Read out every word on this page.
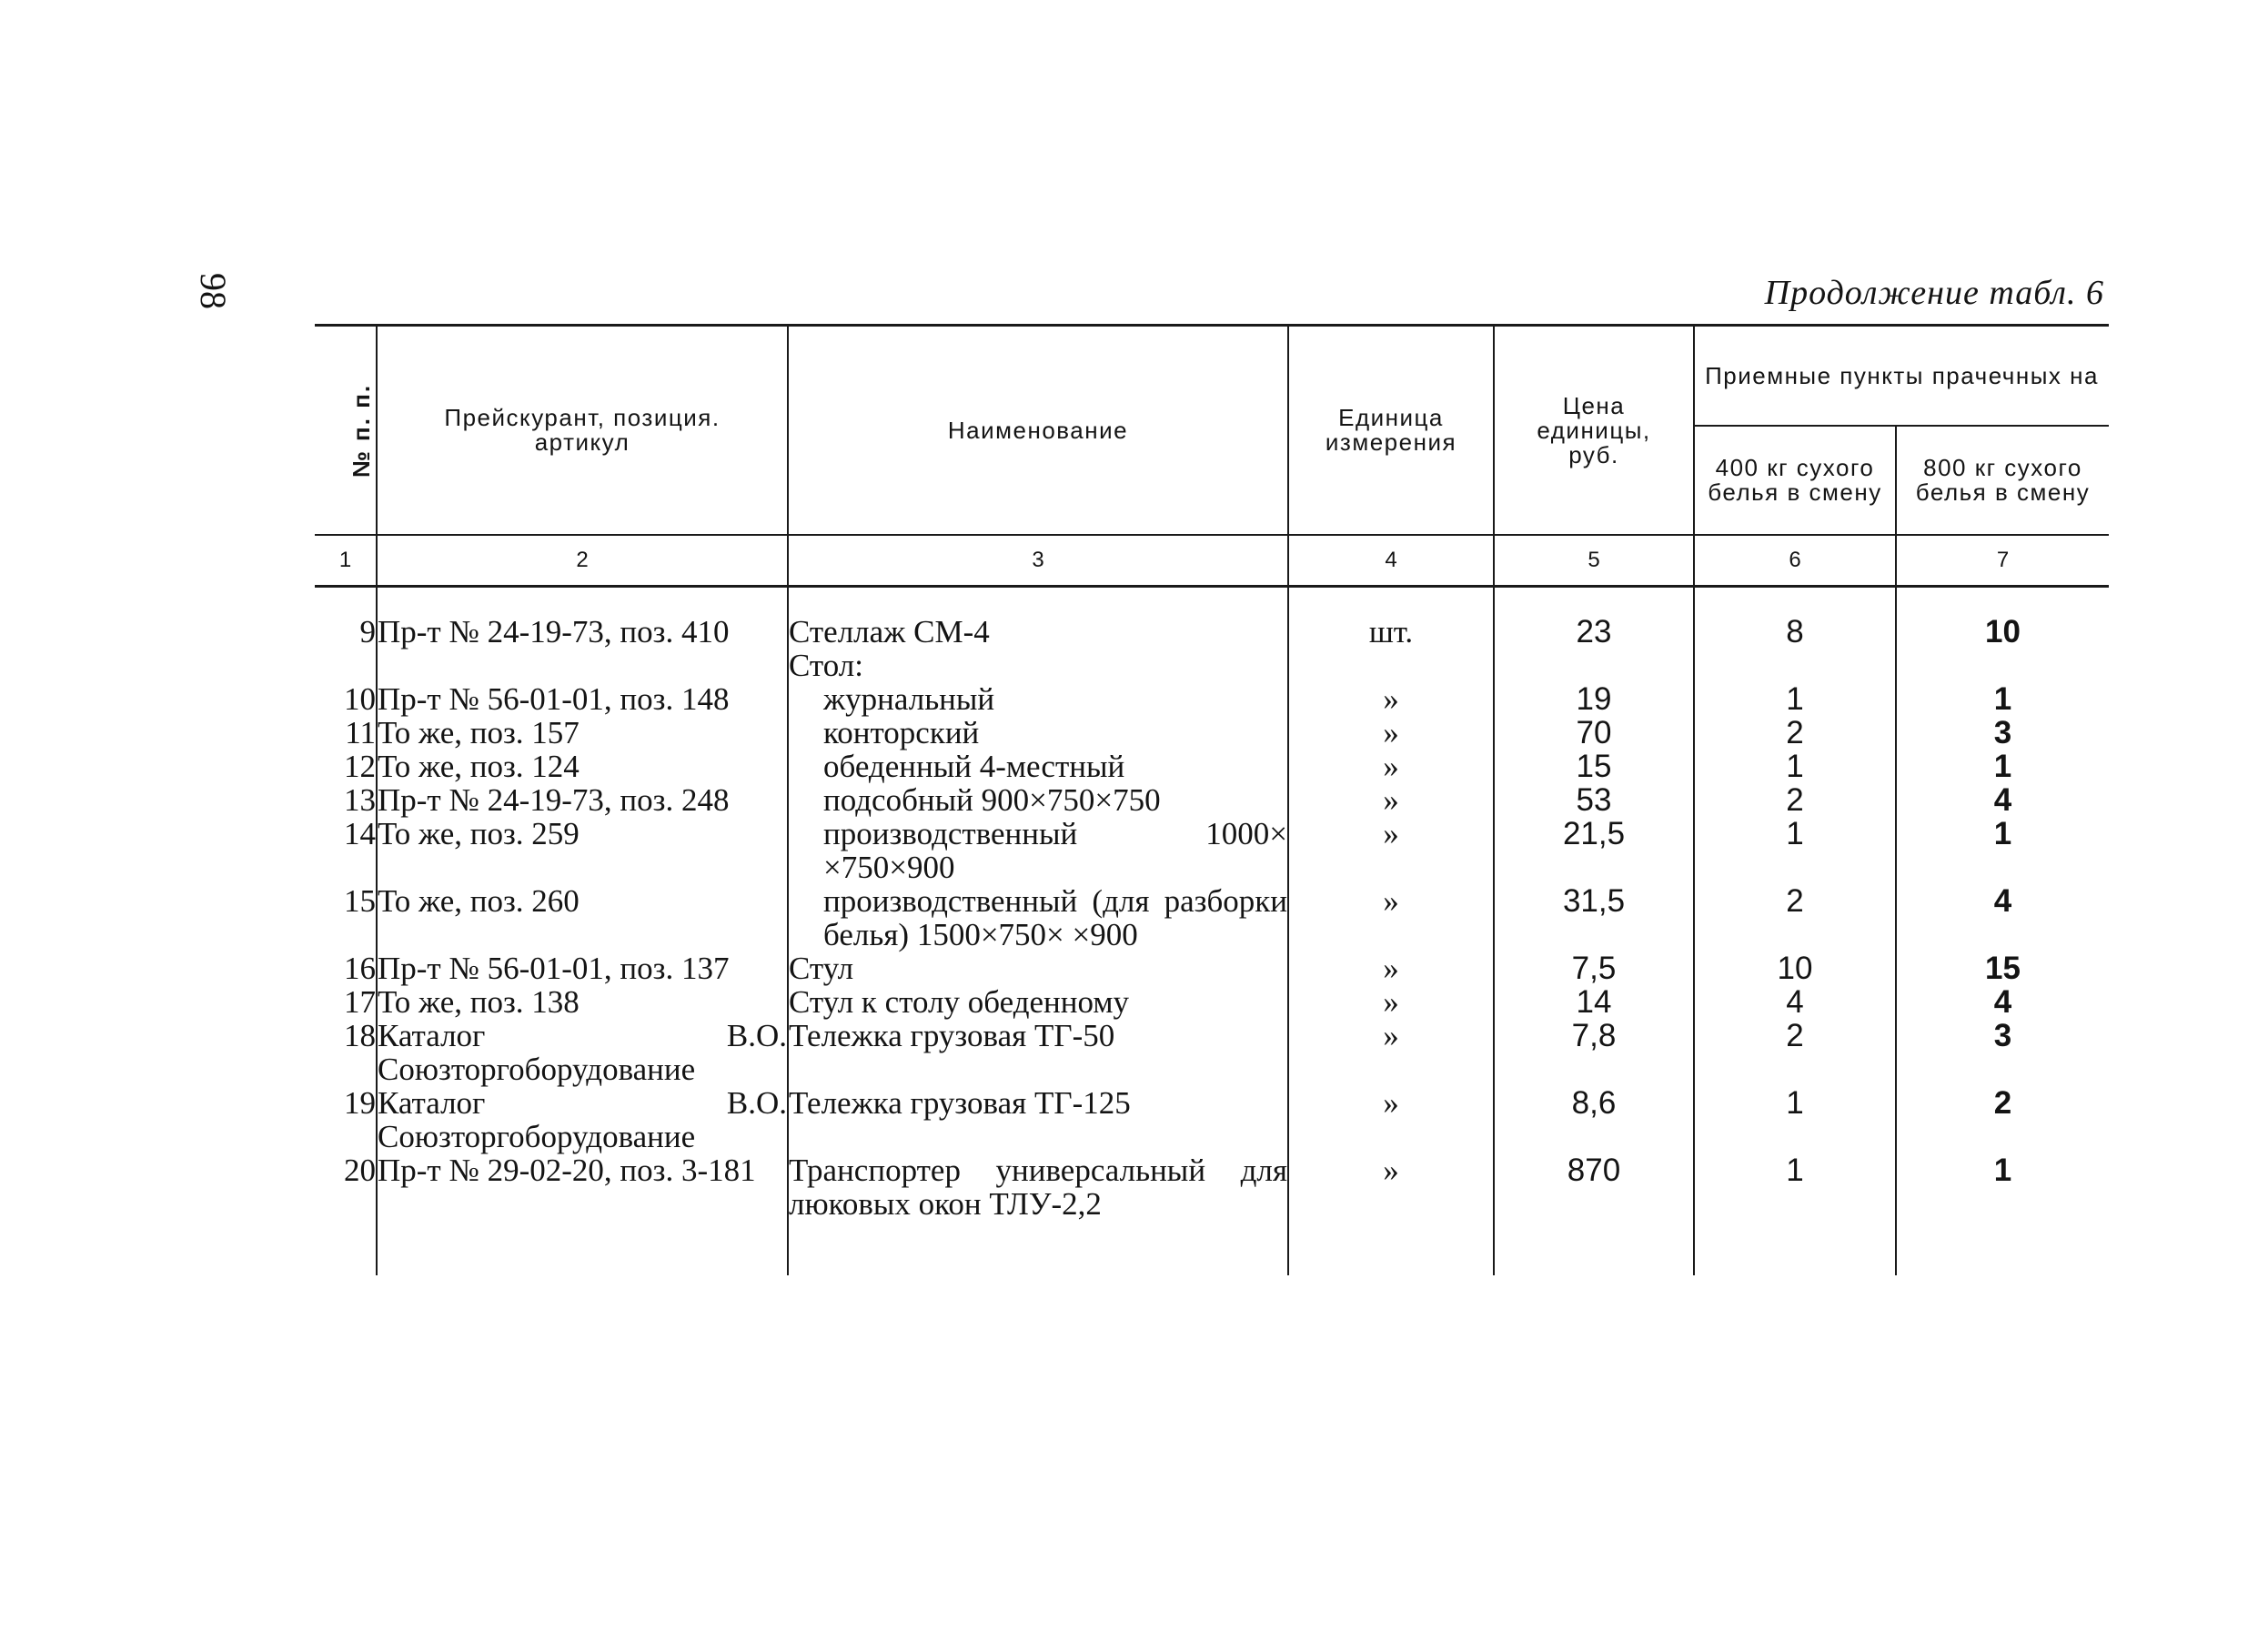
98	Продолжение табл. 6
№ п. п.	Прейскурант, позиция. артикул	Наименование	Единица измерения	Цена единицы, руб.	Приемные пункты прачечных на	

					400 кг сухого белья в смену	800 кг сухого белья в смену

1	2	3	4	5	6	7

9	Пр-т № 24-19-73, поз. 410	Стеллаж СМ-4	шт.	23	8	10
		Стол:				
10	Пр-т № 56-01-01, поз. 148	журнальный	»	19	1	1
11	То же, поз. 157	конторский	»	70	2	3
12	То же, поз. 124	обеденный 4-местный	»	15	1	1
13	Пр-т № 24-19-73, поз. 248	подсобный 900×750×750	»	53	2	4
14	То же, поз. 259	производственный 1000× ×750×900	»	21,5	1	1
15	То же, поз. 260	производственный (для разборки белья) 1500×750× ×900	»	31,5	2	4
16	Пр-т № 56-01-01, поз. 137	Стул	»	7,5	10	15
17	То же, поз. 138	Стул к столу обеденному	»	14	4	4
18	Каталог В.О. Союзторгоборудование	Тележка грузовая ТГ-50	»	7,8	2	3
19	Каталог В.О. Союзторгоборудование	Тележка грузовая ТГ-125	»	8,6	1	2
20	Пр-т № 29-02-20, поз. 3-181	Транспортер универсальный для люковых окон ТЛУ-2,2	»	870	1	1
